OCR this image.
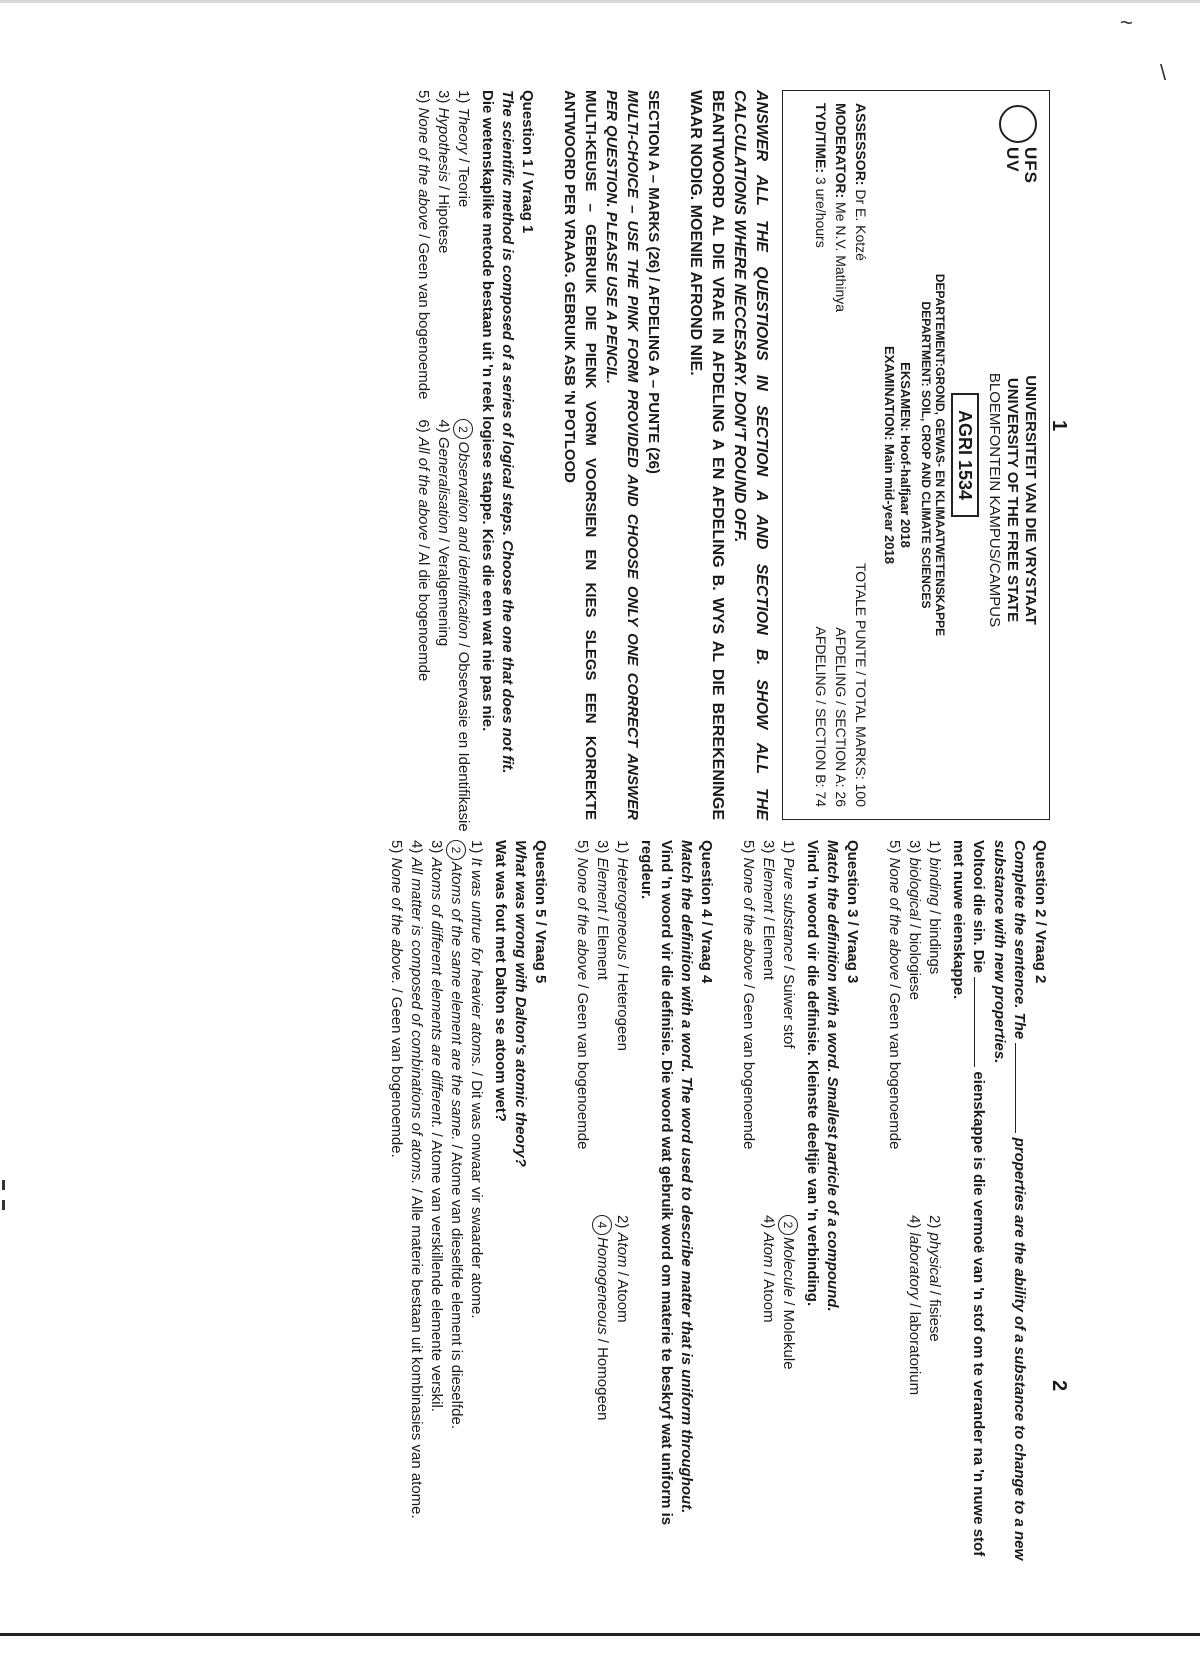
~
\
1
2
UFS
UV
UNIVERSITEIT VAN DIE VRYSTAAT
UNIVERSITY OF THE FREE STATE
BLOEMFONTEIN KAMPUS/CAMPUS
AGRI 1534
DEPARTEMENT:GROND, GEWAS- EN KLIMAATWETENSKAPPE
DEPARTMENT: SOIL, CROP AND CLIMATE SCIENCES
EKSAMEN: Hoof-halfjaar 2018
EXAMINATION: Main mid-year 2018
ASSESSOR: Dr E. Kotzé
TOTALE PUNTE / TOTAL MARKS: 100
MODERATOR: Me N.V. Mathinya
AFDELING / SECTION A: 26
TYD/TIME: 3 ure/hours
AFDELING / SECTION B: 74
ANSWER ALL THE QUESTIONS IN SECTION A AND SECTION B. SHOW ALL THE CALCULATIONS WHERE NECCESARY. DON'T ROUND OFF.
BEANTWOORD AL DIE VRAE IN AFDELING A EN AFDELING B. WYS AL DIE BEREKENINGE WAAR NODIG. MOENIE AFROND NIE.
SECTION A – MARKS (26) / AFDELING A – PUNTE (26)
MULTI-CHOICE – USE THE PINK FORM PROVIDED AND CHOOSE ONLY ONE CORRECT ANSWER PER QUESTION. PLEASE USE A PENCIL.
MULTI-KEUSE – GEBRUIK DIE PIENK VORM VOORSIEN EN KIES SLEGS EEN KORREKTE ANTWOORD PER VRAAG. GEBRUIK ASB 'N POTLOOD
Question 1 / Vraag 1
The scientific method is composed of a series of logical steps. Choose the one that does not fit.
Die wetenskaplike metode bestaan uit 'n reek logiese stappe. Kies die een wat nie pas nie.
1) Theory / Teorie
2Observation and identification / Observasie en Identifikasie
3) Hypothesis / Hipotese
4) Generalisation / Veralgemening
5) None of the above / Geen van bogenoemde
6) All of the above / Al die bogenoemde
Question 2 / Vraag 2
Complete the sentence. The  properties are the ability of a substance to change to a new substance with new properties.
Voltooi die sin. Die  eienskappe is die vermoë van 'n stof om te verander na 'n nuwe stof met nuwe eienskappe.
1) binding / bindings
2) physical / fisiese
3) biological / biologiese
4) laboratory / laboratorium
5) None of the above / Geen van bogenoemde
Question 3 / Vraag 3
Match the definition with a word. Smallest particle of a compound.
Vind 'n woord vir die definisie. Kleinste deeltjie van 'n verbinding.
1) Pure substance / Suiwer stof
2Molecule / Molekule
3) Element / Element
4) Atom / Atoom
5) None of the above / Geen van bogenoemde
Question 4 / Vraag 4
Match the definition with a word. The word used to describe matter that is uniform throughout.
Vind 'n woord vir die definisie. Die woord wat gebruik word om materie te beskryf wat uniform is regdeur.
1) Heterogeneous / Heterogeen
2) Atom / Atoom
3) Element / Element
4Homogeneous / Homogeen
5) None of the above / Geen van bogenoemde
Question 5 / Vraag 5
What was wrong with Dalton's atomic theory?
Wat was fout met Dalton se atoom wet?
1) It was untrue for heavier atoms. / Dit was onwaar vir swaarder atome.
2Atoms of the same element are the same. / Atome van dieselfde element is dieselfde.
3) Atoms of different elements are different. / Atome van verskillende elemente verskil.
4) All matter is composed of combinations of atoms. / Alle materie bestaan uit kombinasies van atome.
5) None of the above. / Geen van bogenoemde.
